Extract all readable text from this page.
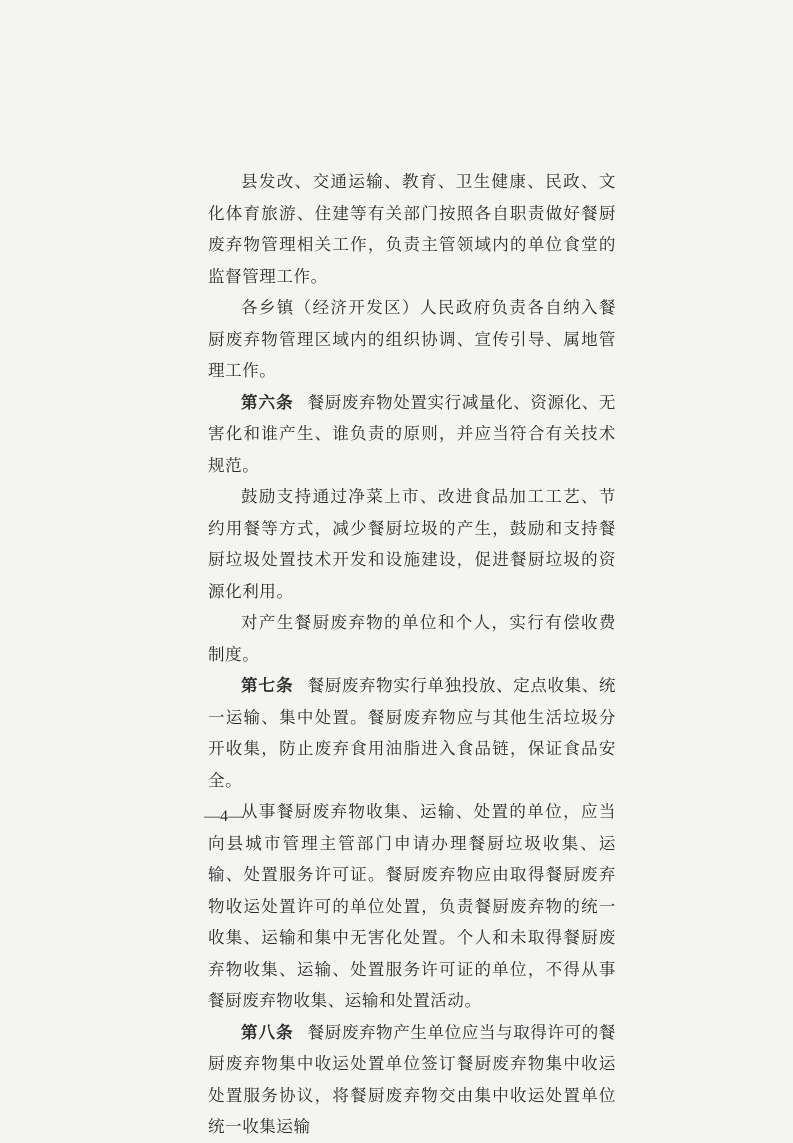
县发改、交通运输、教育、卫生健康、民政、文化体育旅游、住建等有关部门按照各自职责做好餐厨废弃物管理相关工作，负责主管领域内的单位食堂的监督管理工作。

各乡镇（经济开发区）人民政府负责各自纳入餐厨废弃物管理区域内的组织协调、宣传引导、属地管理工作。

第六条 餐厨废弃物处置实行减量化、资源化、无害化和谁产生、谁负责的原则，并应当符合有关技术规范。

鼓励支持通过净菜上市、改进食品加工工艺、节约用餐等方式，减少餐厨垃圾的产生，鼓励和支持餐厨垃圾处置技术开发和设施建设，促进餐厨垃圾的资源化利用。

对产生餐厨废弃物的单位和个人，实行有偿收费制度。

第七条 餐厨废弃物实行单独投放、定点收集、统一运输、集中处置。餐厨废弃物应与其他生活垃圾分开收集，防止废弃食用油脂进入食品链，保证食品安全。

从事餐厨废弃物收集、运输、处置的单位，应当向县城市管理主管部门申请办理餐厨垃圾收集、运输、处置服务许可证。餐厨废弃物应由取得餐厨废弃物收运处置许可的单位处置，负责餐厨废弃物的统一收集、运输和集中无害化处置。个人和未取得餐厨废弃物收集、运输、处置服务许可证的单位，不得从事餐厨废弃物收集、运输和处置活动。

第八条 餐厨废弃物产生单位应当与取得许可的餐厨废弃物集中收运处置单位签订餐厨废弃物集中收运处置服务协议，将餐厨废弃物交由集中收运处置单位统一收集运输

—4—
